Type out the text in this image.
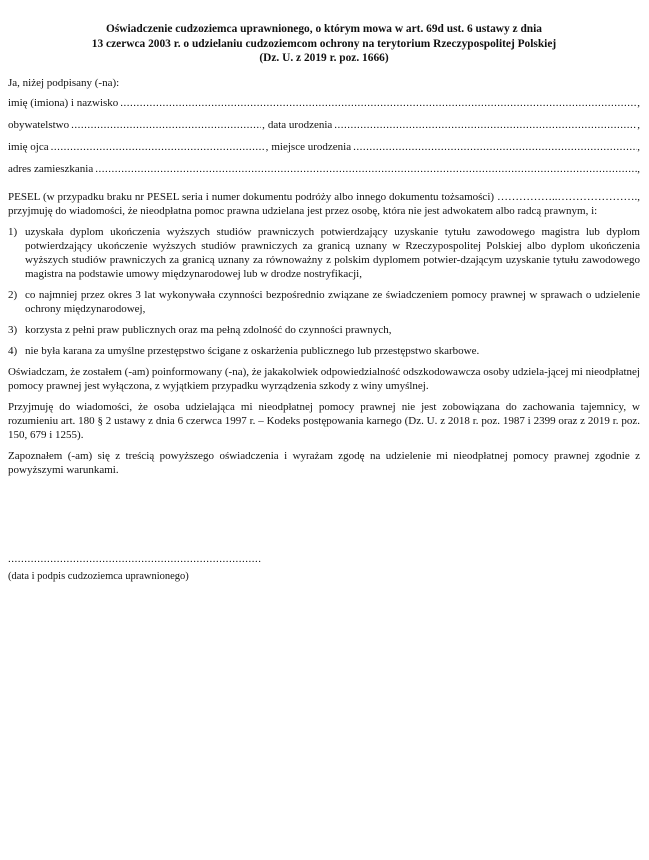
Oświadczenie cudzoziemca uprawnionego, o którym mowa w art. 69d ust. 6 ustawy z dnia
13 czerwca 2003 r. o udzielaniu cudzoziemcom ochrony na terytorium Rzeczypospolitej Polskiej
(Dz. U. z 2019 r. poz. 1666)
Ja, niżej podpisany (-na):
imię (imiona) i nazwisko .....	,
obywatelstwo .....	, data urodzenia .....	,
imię ojca .....	, miejsce urodzenia .....	,
adres zamieszkania .....	,

PESEL (w przypadku braku nr PESEL seria i numer dokumentu podróży albo innego dokumentu tożsamości) ……………..…………………., przyjmuję do wiadomości, że nieodpłatna pomoc prawna udzielana jest przez osobę, która nie jest adwokatem albo radcą prawnym, i:

1) uzyskała dyplom ukończenia wyższych studiów prawniczych potwierdzający uzyskanie tytułu zawodowego magistra lub dyplom potwierdzający ukończenie wyższych studiów prawniczych za granicą uznany w Rzeczypospolitej Polskiej albo dyplom ukończenia wyższych studiów prawniczych za granicą uznany za równoważny z polskim dyplomem potwier-dzającym uzyskanie tytułu zawodowego magistra na podstawie umowy międzynarodowej lub w drodze nostryfikacji,
2) co najmniej przez okres 3 lat wykonywała czynności bezpośrednio związane ze świadczeniem pomocy prawnej w sprawach o udzielenie ochrony międzynarodowej,
3) korzysta z pełni praw publicznych oraz ma pełną zdolność do czynności prawnych,
4) nie była karana za umyślne przestępstwo ścigane z oskarżenia publicznego lub przestępstwo skarbowe.

Oświadczam, że zostałem (-am) poinformowany (-na), że jakakolwiek odpowiedzialność odszkodowawcza osoby udziela-jącej mi nieodpłatnej pomocy prawnej jest wyłączona, z wyjątkiem przypadku wyrządzenia szkody z winy umyślnej.

Przyjmuję do wiadomości, że osoba udzielająca mi nieodpłatnej pomocy prawnej nie jest zobowiązana do zachowania tajemnicy, w rozumieniu art. 180 § 2 ustawy z dnia 6 czerwca 1997 r. – Kodeks postępowania karnego (Dz. U. z 2018 r. poz. 1987 i 2399 oraz z 2019 r. poz. 150, 679 i 1255).

Zapoznałem (-am) się z treścią powyższego oświadczenia i wyrażam zgodę na udzielenie mi nieodpłatnej pomocy prawnej zgodnie z powyższymi warunkami.

..............................................................................
(data i podpis cudzoziemca uprawnionego)
